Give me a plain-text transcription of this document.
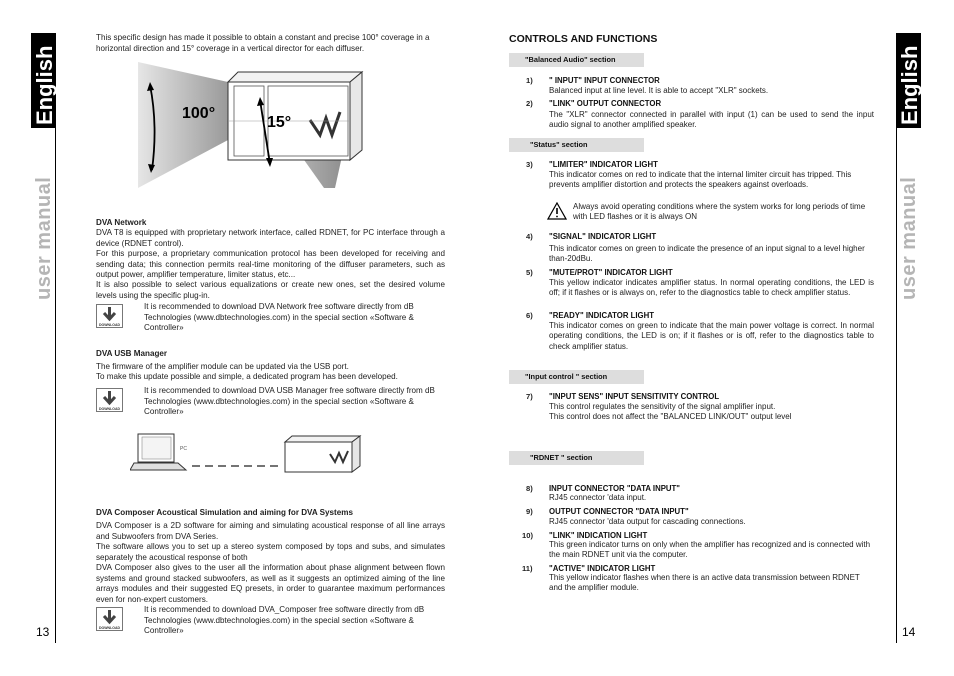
English
user manual
13
This specific design has made it possible to obtain a constant and precise 100° coverage in a horizontal direction and 15° coverage in a vertical director for each diffuser.
100°
15°
DVA Network
DVA T8 is equipped with proprietary network interface, called RDNET, for PC interface through a device (RDNET control).
For this purpose, a proprietary communication protocol has been developed for receiving and sending data; this connection permits real-time monitoring of the diffuser parameters, such as output power, amplifier temperature, limiter status, etc...
It is also possible to select various equalizations or create new ones, set the desired volume levels using the specific plug-in.
DOWNLOAD
It is recommended to download DVA Network free software directly from dB Technologies (www.dbtechnologies.com) in the special section «Software & Controller»
DVA USB Manager
The firmware of the amplifier module can be updated via the USB port.
To make this update possible and simple, a dedicated program has been developed.
DOWNLOAD
It is recommended to download DVA USB Manager free software directly from dB Technologies (www.dbtechnologies.com) in the special section «Software & Controller»
PC
DVA Composer Acoustical Simulation and aiming for DVA Systems
DVA Composer is a 2D software for aiming and simulating acoustical response of all line arrays and Subwoofers from DVA Series.
The software allows you to set up a stereo system composed by tops and subs, and simulates separately the acoustical response of both
DVA Composer also gives to the user all the information about phase alignment between flown systems and ground stacked subwoofers, as well as it suggests an optimized aiming of the line arrays modules and their suggested EQ presets, in order to guarantee maximum performances even for non-expert customers.
DOWNLOAD
It is recommended to download DVA_Composer free software directly from dB Technologies (www.dbtechnologies.com) in the special section «Software & Controller»
English
user manual
14
CONTROLS AND FUNCTIONS
"Balanced Audio" section
1) " INPUT" INPUT CONNECTOR
Balanced input at line level. It is able to accept "XLR" sockets.
2) "LINK" OUTPUT CONNECTOR
The "XLR" connector connected in parallel with input (1) can be used to send the input audio signal to another amplified speaker.
"Status" section
3) "LIMITER" INDICATOR LIGHT
This indicator comes on red to indicate that the internal limiter circuit has tripped. This prevents amplifier distortion and protects the speakers against overloads.
Always avoid operating conditions where the system works for long periods of time with LED flashes or it is always ON
4) "SIGNAL" INDICATOR LIGHT
This indicator comes on green to indicate the presence of an input signal to a level higher than-20dBu.
5) "MUTE/PROT" INDICATOR LIGHT
This yellow indicator indicates amplifier status. In normal operating conditions, the LED is off; if it flashes or is always on, refer to the diagnostics table to check amplifier status.
6) "READY" INDICATOR LIGHT
This indicator comes on green to indicate that the main power voltage is correct. In normal operating conditions, the LED is on; if it flashes or is off, refer to the diagnostics table to check amplifier status.
"Input control " section
7) "INPUT SENS" INPUT SENSITIVITY CONTROL
This control regulates the sensitivity of the signal amplifier input.
This control does not affect the "BALANCED LINK/OUT" output level
"RDNET " section
8) INPUT CONNECTOR "DATA INPUT"
RJ45 connector 'data input.
9) OUTPUT CONNECTOR "DATA INPUT"
RJ45 connector 'data output for cascading connections.
10) "LINK" INDICATION LIGHT
This green indicator turns on only when the amplifier has recognized and is connected with the main RDNET unit via the computer.
11) "ACTIVE" INDICATOR LIGHT
This yellow indicator flashes when there is an active data transmission between RDNET and the amplifier module.
